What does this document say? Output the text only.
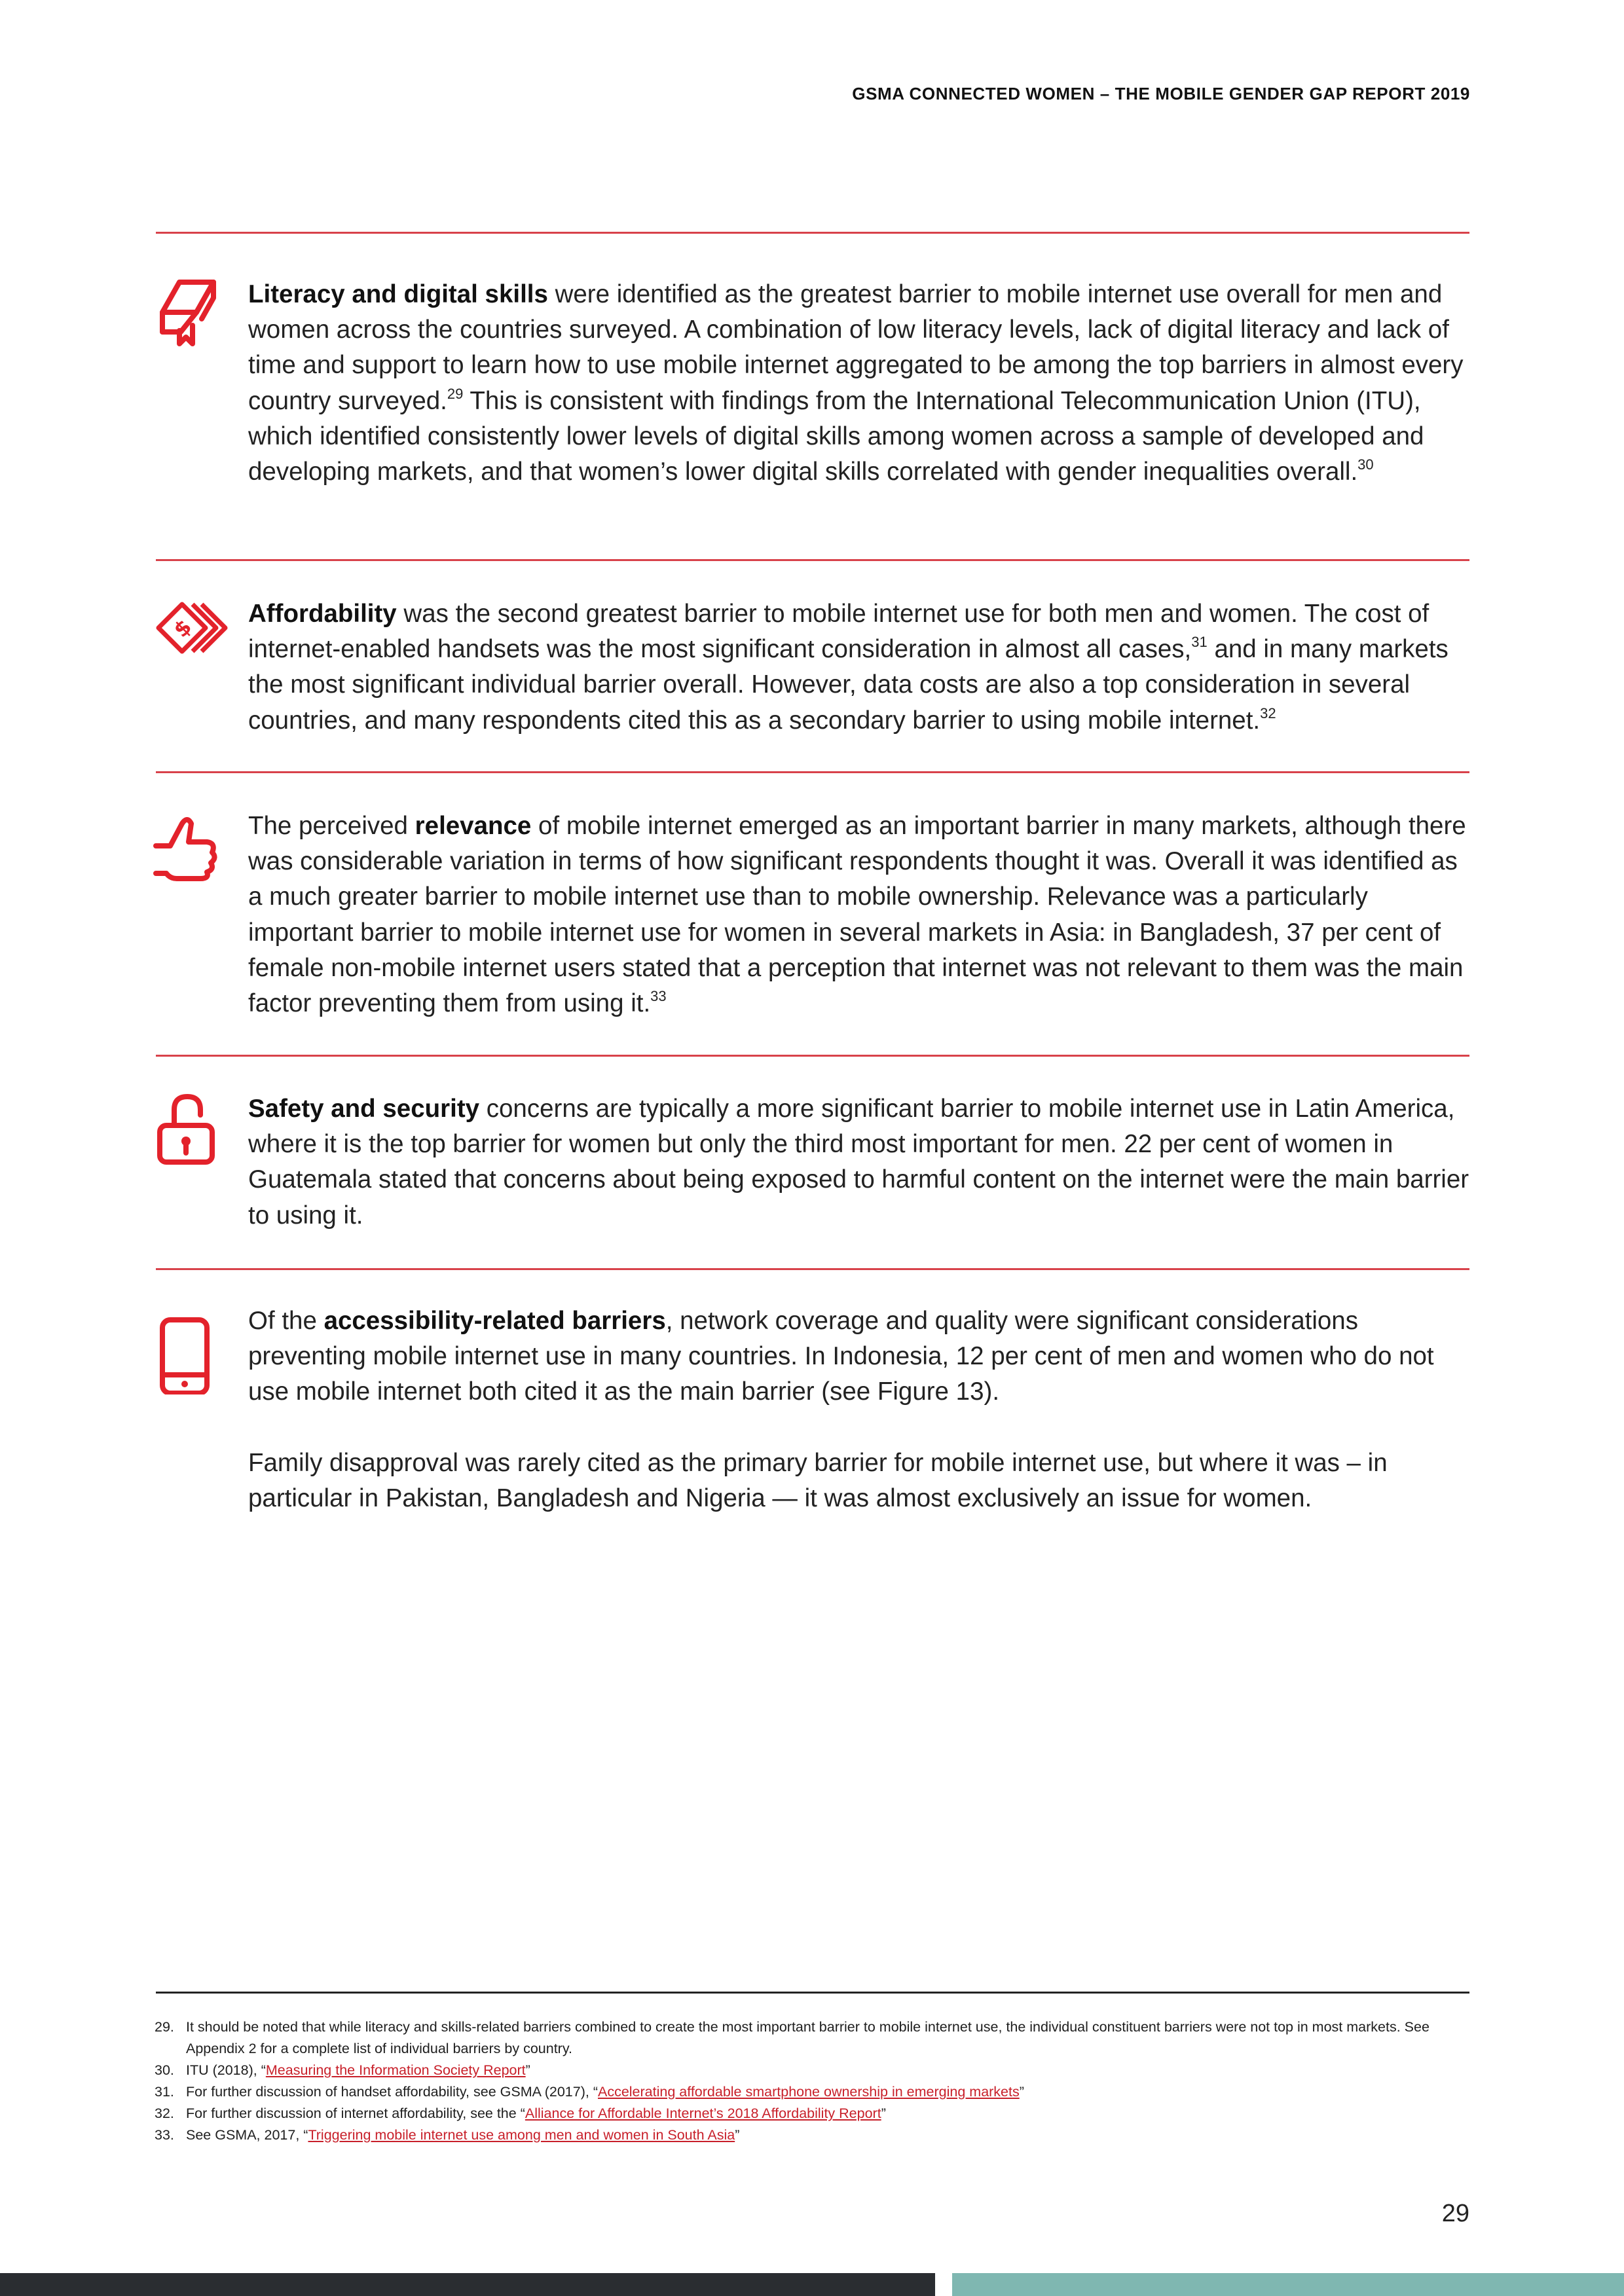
GSMA CONNECTED WOMEN – THE MOBILE GENDER GAP REPORT 2019
Literacy and digital skills were identified as the greatest barrier to mobile internet use overall for men and women across the countries surveyed. A combination of low literacy levels, lack of digital literacy and lack of time and support to learn how to use mobile internet aggregated to be among the top barriers in almost every country surveyed.$^{29}$ This is consistent with findings from the International Telecommunication Union (ITU), which identified consistently lower levels of digital skills among women across a sample of developed and developing markets, and that women’s lower digital skills correlated with gender inequalities overall.$^{30}$
$
Affordability was the second greatest barrier to mobile internet use for both men and women. The cost of internet-enabled handsets was the most significant consideration in almost all cases,$^{31}$ and in many markets the most significant individual barrier overall. However, data costs are also a top consideration in several countries, and many respondents cited this as a secondary barrier to using mobile internet.$^{32}$
The perceived relevance of mobile internet emerged as an important barrier in many markets, although there was considerable variation in terms of how significant respondents thought it was. Overall it was identified as a much greater barrier to mobile internet use than to mobile ownership. Relevance was a particularly important barrier to mobile internet use for women in several markets in Asia: in Bangladesh, 37 per cent of female non-mobile internet users stated that a perception that internet was not relevant to them was the main factor preventing them from using it.$^{33}$
Safety and security concerns are typically a more significant barrier to mobile internet use in Latin America, where it is the top barrier for women but only the third most important for men. 22 per cent of women in Guatemala stated that concerns about being exposed to harmful content on the internet were the main barrier to using it.
Of the accessibility-related barriers, network coverage and quality were significant considerations preventing mobile internet use in many countries. In Indonesia, 12 per cent of men and women who do not use mobile internet both cited it as the main barrier (see Figure 13).
Family disapproval was rarely cited as the primary barrier for mobile internet use, but where it was – in particular in Pakistan, Bangladesh and Nigeria — it was almost exclusively an issue for women.
29. It should be noted that while literacy and skills-related barriers combined to create the most important barrier to mobile internet use, the individual constituent barriers were not top in most markets. See Appendix 2 for a complete list of individual barriers by country.
30. ITU (2018), “Measuring the Information Society Report”
31. For further discussion of handset affordability, see GSMA (2017), “Accelerating affordable smartphone ownership in emerging markets”
32. For further discussion of internet affordability, see the “Alliance for Affordable Internet’s 2018 Affordability Report”
33. See GSMA, 2017, “Triggering mobile internet use among men and women in South Asia”
29
